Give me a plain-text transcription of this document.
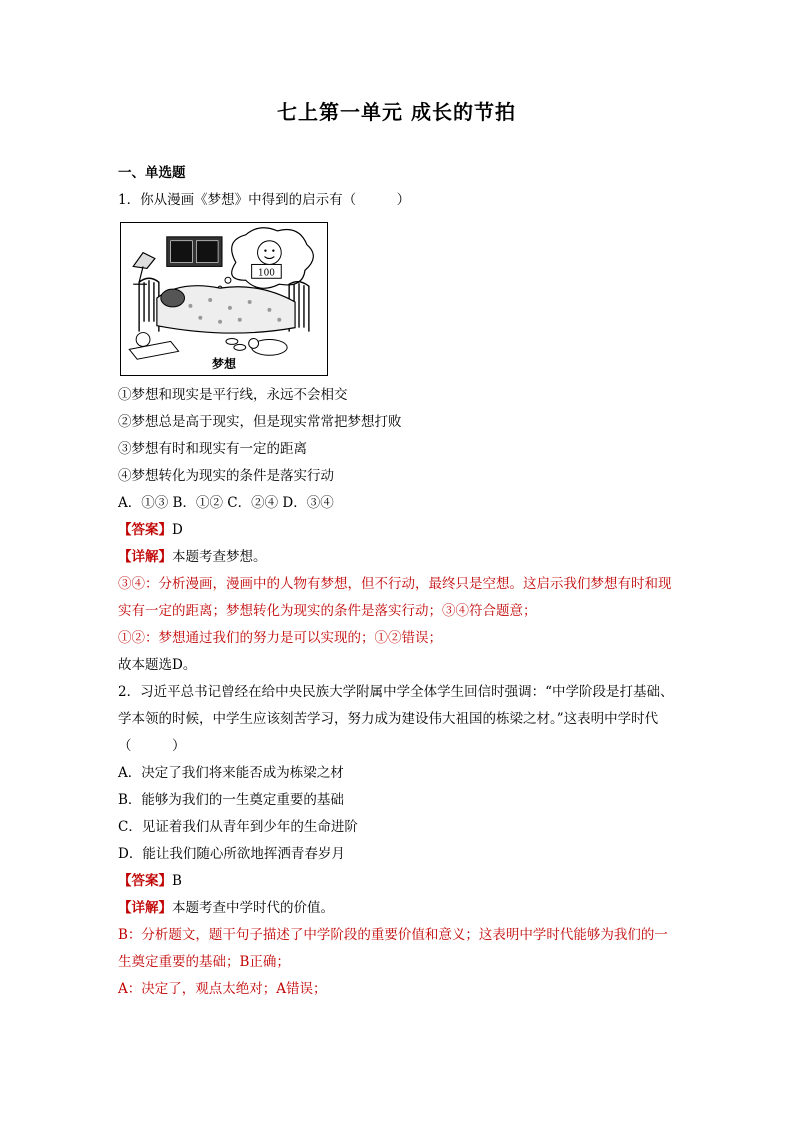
七上第一单元 成长的节拍
一、单选题
1．你从漫画《梦想》中得到的启示有（　　　）
100
梦想
①梦想和现实是平行线，永远不会相交
②梦想总是高于现实，但是现实常常把梦想打败
③梦想有时和现实有一定的距离
④梦想转化为现实的条件是落实行动
A．①③ B．①② C．②④ D．③④
【答案】D
【详解】本题考查梦想。
③④：分析漫画，漫画中的人物有梦想，但不行动，最终只是空想。这启示我们梦想有时和现实有一定的距离；梦想转化为现实的条件是落实行动；③④符合题意；
①②：梦想通过我们的努力是可以实现的；①②错误；
故本题选D。
2．习近平总书记曾经在给中央民族大学附属中学全体学生回信时强调：“中学阶段是打基础、学本领的时候，中学生应该刻苦学习，努力成为建设伟大祖国的栋梁之材。”这表明中学时代（　　　）
A．决定了我们将来能否成为栋梁之材
B．能够为我们的一生奠定重要的基础
C．见证着我们从青年到少年的生命进阶
D．能让我们随心所欲地挥洒青春岁月
【答案】B
【详解】本题考查中学时代的价值。
B：分析题文，题干句子描述了中学阶段的重要价值和意义；这表明中学时代能够为我们的一生奠定重要的基础；B正确；
A：决定了，观点太绝对；A错误；
